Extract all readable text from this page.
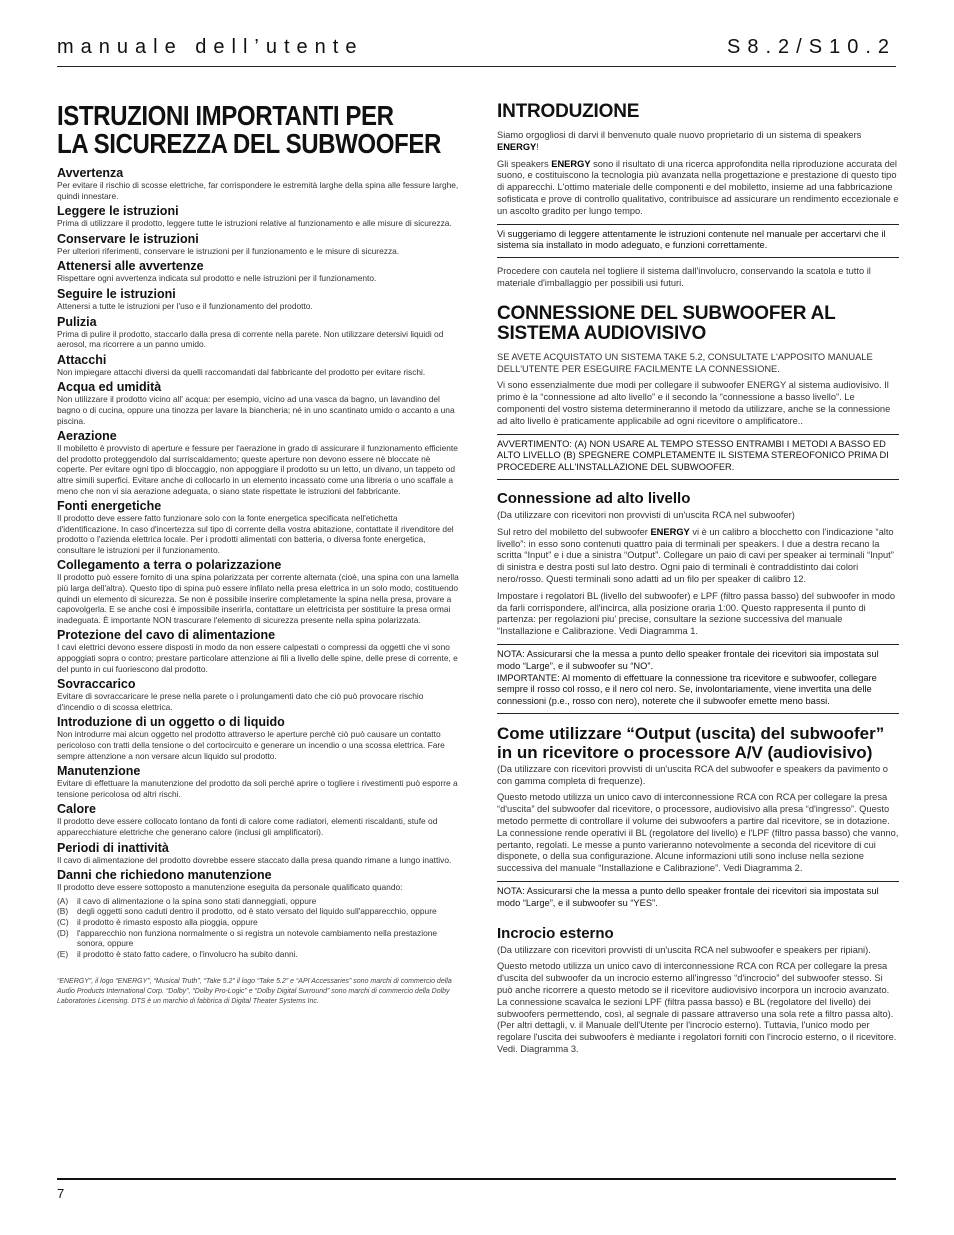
manuale dell’utente	S8.2/S10.2
ISTRUZIONI IMPORTANTI PER
LA SICUREZZA DEL SUBWOOFER
Avvertenza

Per evitare il rischio di scosse elettriche, far corrispondere le estremità larghe della spina alle fessure larghe, quindi innestare.

Leggere le istruzioni

Prima di utilizzare il prodotto, leggere tutte le istruzioni relative al funzionamento e alle misure di sicurezza.

Conservare le istruzioni

Per ulteriori riferimenti, conservare le istruzioni per il funzionamento e le misure di sicurezza.

Attenersi alle avvertenze

Rispettare ogni avvertenza indicata sul prodotto e nelle istruzioni per il funzionamento.

Seguire le istruzioni

Attenersi a tutte le istruzioni per l'uso e il funzionamento del prodotto.

Pulizia

Prima di pulire il prodotto, staccarlo dalla presa di corrente nella parete. Non utilizzare detersivi liquidi od aerosol, ma ricorrere a un panno umido.

Attacchi

Non impiegare attacchi diversi da quelli raccomandati dal fabbricante del prodotto per evitare rischi.

Acqua ed umidità

Non utilizzare il prodotto vicino all' acqua: per esempio, vicino ad una vasca da bagno, un lavandino del bagno o di cucina, oppure una tinozza per lavare la biancheria; né in uno scantinato umido o accanto a una piscina.

Aerazione

Il mobiletto è provvisto di aperture e fessure per l'aerazione in grado di assicurare il funzionamento efficiente del prodotto proteggendolo dal surriscaldamento; queste aperture non devono essere nè bloccate nè coperte. Per evitare ogni tipo di bloccaggio, non appoggiare il prodotto su un letto, un divano, un tappeto od altre simili superfici. Evitare anche di collocarlo in un elemento incassato come una libreria o uno scaffale a meno che non vi sia aerazione adeguata, o siano state rispettate le istruzioni del fabbricante.

Fonti energetiche

Il prodotto deve essere fatto funzionare solo con la fonte energetica specificata nell'etichetta d'identificazione. In caso d'incertezza sul tipo di corrente della vostra abitazione, contattate il rivenditore del prodotto o l'azienda elettrica locale. Per i prodotti alimentati con batteria, o diversa fonte energetica, consultare le istruzioni per il funzionamento.

Collegamento a terra o polarizzazione

Il prodotto può essere fornito di una spina polarizzata per corrente alternata (cioè, una spina con una lamella più larga dell'altra). Questo tipo di spina può essere infilato nella presa elettrica in un solo modo, costituendo quindi un elemento di sicurezza. Se non è possibile inserire completamente la spina nella presa, provare a capovolgerla. E se anche così è impossibile inserirla, contattare un elettricista per sostituire la presa ormai inadeguata. È importante NON trascurare l'elemento di sicurezza presente nella spina polarizzata.

Protezione del cavo di alimentazione

I cavi elettrici devono essere disposti in modo da non essere calpestati o compressi da oggetti che vi sono appoggiati sopra o contro; prestare particolare attenzione ai fili a livello delle spine, delle prese di corrente, e del punto in cui fuoriescono dal prodotto.

Sovraccarico

Evitare di sovraccaricare le prese nella parete o i prolungamenti dato che ciò può provocare rischio d'incendio o di scossa elettrica.

Introduzione di un oggetto o di liquido

Non introdurre mai alcun oggetto nel prodotto attraverso le aperture perchè ciò può causare un contatto pericoloso con tratti della tensione o del cortocircuito e generare un incendio o una scossa elettrica. Fare sempre attenzione a non versare alcun liquido sul prodotto.

Manutenzione

Evitare di effettuare la manutenzione del prodotto da soli perché aprire o togliere i rivestimenti può esporre a tensione pericolosa od altri rischi.

Calore

Il prodotto deve essere collocato lontano da fonti di calore come radiatori, elementi riscaldanti, stufe od apparecchiature elettriche che generano calore (inclusi gli amplificatori).

Periodi di inattività

Il cavo di alimentazione del prodotto dovrebbe essere staccato dalla presa quando rimane a lungo inattivo.

Danni che richiedono manutenzione

Il prodotto deve essere sottoposto a manutenzione eseguita da personale qualificato quando:

(A)	il cavo di alimentazione o la spina sono stati danneggiati, oppure
(B)	degli oggetti sono caduti dentro il prodotto, od è stato versato del liquido sull'apparecchio, oppure
(C) il prodotto è rimasto esposto alla pioggia, oppure
(D) l'apparecchio non funziona normalmente o si registra un notevole cambiamento nella prestazione sonora, oppure
(E)	il prodotto è stato fatto cadere, o l'involucro ha subito danni.
“ENERGY”, il logo “ENERGY”, “Musical Truth”, “Take 5.2” il logo “Take 5.2” e “API Accessaries” sono marchi di commercio della Audio Products International Corp. “Dolby”, “Dolby Pro-Logic” e “Dolby Digital Surround” sono marchi di commercio della Dolby Laboratories Licensing. DTS è un marchio di fabbrica di Digital Theater Systems Inc.
INTRODUZIONE

Siamo orgogliosi di darvi il benvenuto quale nuovo proprietario di un sistema di speakers ENERGY!

Gli speakers ENERGY sono il risultato di una ricerca approfondita nella riproduzione accurata del suono, e costituiscono la tecnologia più avanzata nella progettazione e prestazione di questo tipo di apparecchi. L'ottimo materiale delle componenti e del mobiletto, insieme ad una fabbricazione sofisticata e prove di controllo qualitativo, contribuisce ad assicurare un rendimento eccezionale e un ascolto gradito per lungo tempo.

Vi suggeriamo di leggere attentamente le istruzioni contenute nel manuale per accertarvi che il sistema sia installato in modo adeguato, e funzioni correttamente.

Procedere con cautela nel togliere il sistema dall'involucro, conservando la scatola e tutto il materiale d'imballaggio per possibili usi futuri.

CONNESSIONE DEL SUBWOOFER AL
SISTEMA AUDIOVISIVO

SE AVETE ACQUISTATO UN SISTEMA TAKE 5.2, CONSULTATE L'APPOSITO MANUALE DELL'UTENTE PER ESEGUIRE FACILMENTE LA CONNESSIONE.

Vi sono essenzialmente due modi per collegare il subwoofer ENERGY al sistema audiovisivo. Il primo è la “connessione ad alto livello” e il secondo la “connessione a basso livello”. Le componenti del vostro sistema determineranno il metodo da utilizzare, anche se la connessione ad alto livello è praticamente applicabile ad ogni ricevitore o amplificatore..

AVVERTIMENTO: (A) NON USARE AL TEMPO STESSO ENTRAMBI I METODI A BASSO ED ALTO LIVELLO (B) SPEGNERE COMPLETAMENTE IL SISTEMA STEREOFONICO PRIMA DI PROCEDERE ALL'INSTALLAZIONE DEL SUBWOOFER.

Connessione ad alto livello

(Da utilizzare con ricevitori non provvisti di un'uscita RCA nel subwoofer)

Sul retro del mobiletto del subwoofer ENERGY vi è un calibro a blocchetto con l'indicazione “alto livello”: in esso sono contenuti quattro paia di terminali per speakers. I due a destra recano la scritta “Input” e i due a sinistra “Output”. Collegare un paio di cavi per speaker ai terminali “Input” di sinistra e destra posti sul lato destro. Ogni paio di terminali è contraddistinto dai colori nero/rosso. Questi terminali sono adatti ad un filo per speaker di calibro 12.

Impostare i regolatori BL (livello del subwoofer) e LPF (filtro passa basso) del subwoofer in modo da farli corrispondere, all'incirca, alla posizione oraria 1:00. Questo rappresenta il punto di partenza: per regolazioni piu' precise, consultare la sezione successiva del manuale “Installazione e Calibrazione. Vedi Diagramma 1.

NOTA: Assicurarsi che la messa a punto dello speaker frontale dei ricevitori sia impostata sul modo “Large”, e il subwoofer su “NO”.

IMPORTANTE: Al momento di effettuare la connessione tra ricevitore e subwoofer, collegare sempre il rosso col rosso, e il nero col nero. Se, involontariamente, viene invertita una delle connessioni (p.e., rosso con nero), noterete che il subwoofer emette meno bassi.

Come utilizzare “Output (uscita) del subwoofer”
in un ricevitore o processore A/V (audiovisivo)

(Da utilizzare con ricevitori provvisti di un'uscita RCA del subwoofer e speakers da pavimento o con gamma completa di frequenze).

Questo metodo utilizza un unico cavo di interconnessione RCA con RCA per collegare la presa “d'uscita” del subwoofer dal ricevitore, o processore, audiovisivo alla presa “d'ingresso”. Questo metodo permette di controllare il volume dei subwoofers a partire dal ricevitore, se in dotazione. La connessione rende operativi il BL (regolatore del livello) e l'LPF (filtro passa basso) che vanno, pertanto, regolati. Le messe a punto varieranno notevolmente a seconda del ricevitore di cui disponete, o della sua configurazione. Alcune informazioni utili sono incluse nella sezione successiva del manuale “Installazione e Calibrazione”. Vedi Diagramma 2.

NOTA: Assicurarsi che la messa a punto dello speaker frontale dei ricevitori sia impostata sul modo “Large”, e il subwoofer su “YES”.

Incrocio esterno

(Da utilizzare con ricevitori provvisti di un'uscita RCA nel subwoofer e speakers per ripiani).

Questo metodo utilizza un unico cavo di interconnessione RCA con RCA per collegare la presa d'uscita del subwoofer da un incrocio esterno all'ingresso “d'incrocio” del subwoofer stesso. Si può anche ricorrere a questo metodo se il ricevitore audiovisivo incorpora un incrocio avanzato. La connessione scavalca le sezioni LPF (filtra passa basso) e BL (regolatore del livello) dei subwoofers permettendo, così, al segnale di passare attraverso una sola rete a filtro passa alto). (Per altri dettagli, v. il Manuale dell'Utente per l'incrocio esterno). Tuttavia, l'unico modo per regolare l'uscita dei subwoofers è mediante i regolatori forniti con l'incrocio esterno, o il ricevitore. Vedi. Diagramma 3.

7
